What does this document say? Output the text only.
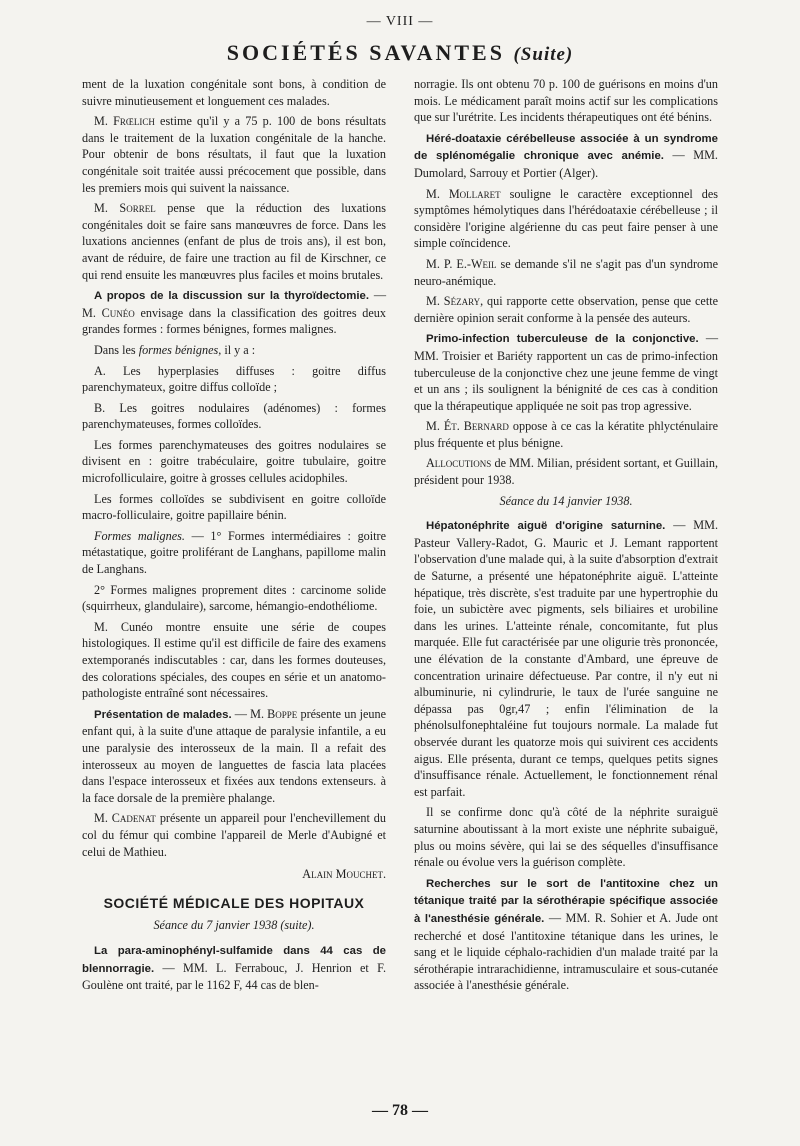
— VIII —
SOCIÉTÉS SAVANTES (Suite)

ment de la luxation congénitale sont bons, à condition de suivre minutieusement et longuement ces malades.

M. Frœlich estime qu'il y a 75 p. 100 de bons résultats dans le traitement de la luxation congénitale de la hanche. Pour obtenir de bons résultats, il faut que la luxation congénitale soit traitée aussi précocement que possible, dans les premiers mois qui suivent la naissance.

M. Sorrel pense que la réduction des luxations congénitales doit se faire sans manœuvres de force. Dans les luxations anciennes (enfant de plus de trois ans), il est bon, avant de réduire, de faire une traction au fil de Kirschner, ce qui rend ensuite les manœuvres plus faciles et moins brutales.

A propos de la discussion sur la thyroïdectomie. — M. Cunéo envisage dans la classification des goitres deux grandes formes : formes bénignes, formes malignes.

Dans les formes bénignes, il y a :

A. Les hyperplasies diffuses : goitre diffus parenchymateux, goitre diffus colloïde ;

B. Les goitres nodulaires (adénomes) : formes parenchymateuses, formes colloïdes.

Les formes parenchymateuses des goitres nodulaires se divisent en : goitre trabéculaire, goitre tubulaire, goitre microfolliculaire, goitre à grosses cellules acidophiles.

Les formes colloïdes se subdivisent en goitre colloïde macro-folliculaire, goitre papillaire bénin.

Formes malignes. — 1° Formes intermédiaires : goitre métastatique, goitre proliférant de Langhans, papillome malin de Langhans.

2° Formes malignes proprement dites : carcinome solide (squirrheux, glandulaire), sarcome, hémangio-endothéliome.

M. Cunéo montre ensuite une série de coupes histologiques. Il estime qu'il est difficile de faire des examens extemporanés indiscutables : car, dans les formes douteuses, des colorations spéciales, des coupes en série et un anatomo-pathologiste entraîné sont nécessaires.

Présentation de malades. — M. Boppe présente un jeune enfant qui, à la suite d'une attaque de paralysie infantile, a eu une paralysie des interosseux de la main. Il a refait des interosseux au moyen de languettes de fascia lata placées dans l'espace interosseux et fixées aux tendons extenseurs. à la face dorsale de la première phalange.

M. Cadenat présente un appareil pour l'enchevillement du col du fémur qui combine l'appareil de Merle d'Aubigné et celui de Mathieu.

Alain Mouchet.
SOCIÉTÉ MÉDICALE DES HOPITAUX
Séance du 7 janvier 1938 (suite).

La para-aminophényl-sulfamide dans 44 cas de blennorragie. — MM. L. Ferrabouc, J. Henrion et F. Goulène ont traité, par le 1162 F, 44 cas de blen-

norragie. Ils ont obtenu 70 p. 100 de guérisons en moins d'un mois. Le médicament paraît moins actif sur les complications que sur l'urétrite. Les incidents thérapeutiques ont été bénins.

Héré-doataxie cérébelleuse associée à un syndrome de splénomégalie chronique avec anémie. — MM. Dumolard, Sarrouy et Portier (Alger).

M. Mollaret souligne le caractère exceptionnel des symptômes hémolytiques dans l'hérédoataxie cérébelleuse ; il considère l'origine algérienne du cas peut faire penser à une simple coïncidence.

M. P. E.-Weil se demande s'il ne s'agit pas d'un syndrome neuro-anémique.

M. Sézary, qui rapporte cette observation, pense que cette dernière opinion serait conforme à la pensée des auteurs.

Primo-infection tuberculeuse de la conjonctive. — MM. Troisier et Bariéty rapportent un cas de primo-infection tuberculeuse de la conjonctive chez une jeune femme de vingt et un ans ; ils soulignent la bénignité de ces cas à condition que la thérapeutique appliquée ne soit pas trop agressive.

M. Ét. Bernard oppose à ce cas la kératite phlycténulaire plus fréquente et plus bénigne.

Allocutions de MM. Milian, président sortant, et Guillain, président pour 1938.

Séance du 14 janvier 1938.

Hépatonéphrite aiguë d'origine saturnine. — MM. Pasteur Vallery-Radot, G. Mauric et J. Lemant rapportent l'observation d'une malade qui, à la suite d'absorption d'extrait de Saturne, a présenté une hépatonéphrite aiguë. L'atteinte hépatique, très discrète, s'est traduite par une hypertrophie du foie, un subictère avec pigments, sels biliaires et urobiline dans les urines. L'atteinte rénale, concomitante, fut plus marquée. Elle fut caractérisée par une oligurie très prononcée, une élévation de la constante d'Ambard, une épreuve de concentration urinaire défectueuse. Par contre, il n'y eut ni albuminurie, ni cylindrurie, le taux de l'urée sanguine ne dépassa pas 0gr,47 ; enfin l'élimination de la phénolsulfonephtaléine fut toujours normale. La malade fut observée durant les quatorze mois qui suivirent ces accidents aigus. Elle présenta, durant ce temps, quelques petits signes d'insuffisance rénale. Actuellement, le fonctionnement rénal est parfait.

Il se confirme donc qu'à côté de la néphrite suraiguë saturnine aboutissant à la mort existe une néphrite subaiguë, plus ou moins sévère, qui lai se des séquelles d'insuffisance rénale ou évolue vers la guérison complète.

Recherches sur le sort de l'antitoxine chez un tétanique traité par la sérothérapie spécifique associée à l'anesthésie générale. — MM. R. Sohier et A. Jude ont recherché et dosé l'antitoxine tétanique dans les urines, le sang et le liquide céphalo-rachidien d'un malade traité par la sérothérapie intrarachidienne, intramusculaire et sous-cutanée associée à l'anesthésie générale.

— 78 —
